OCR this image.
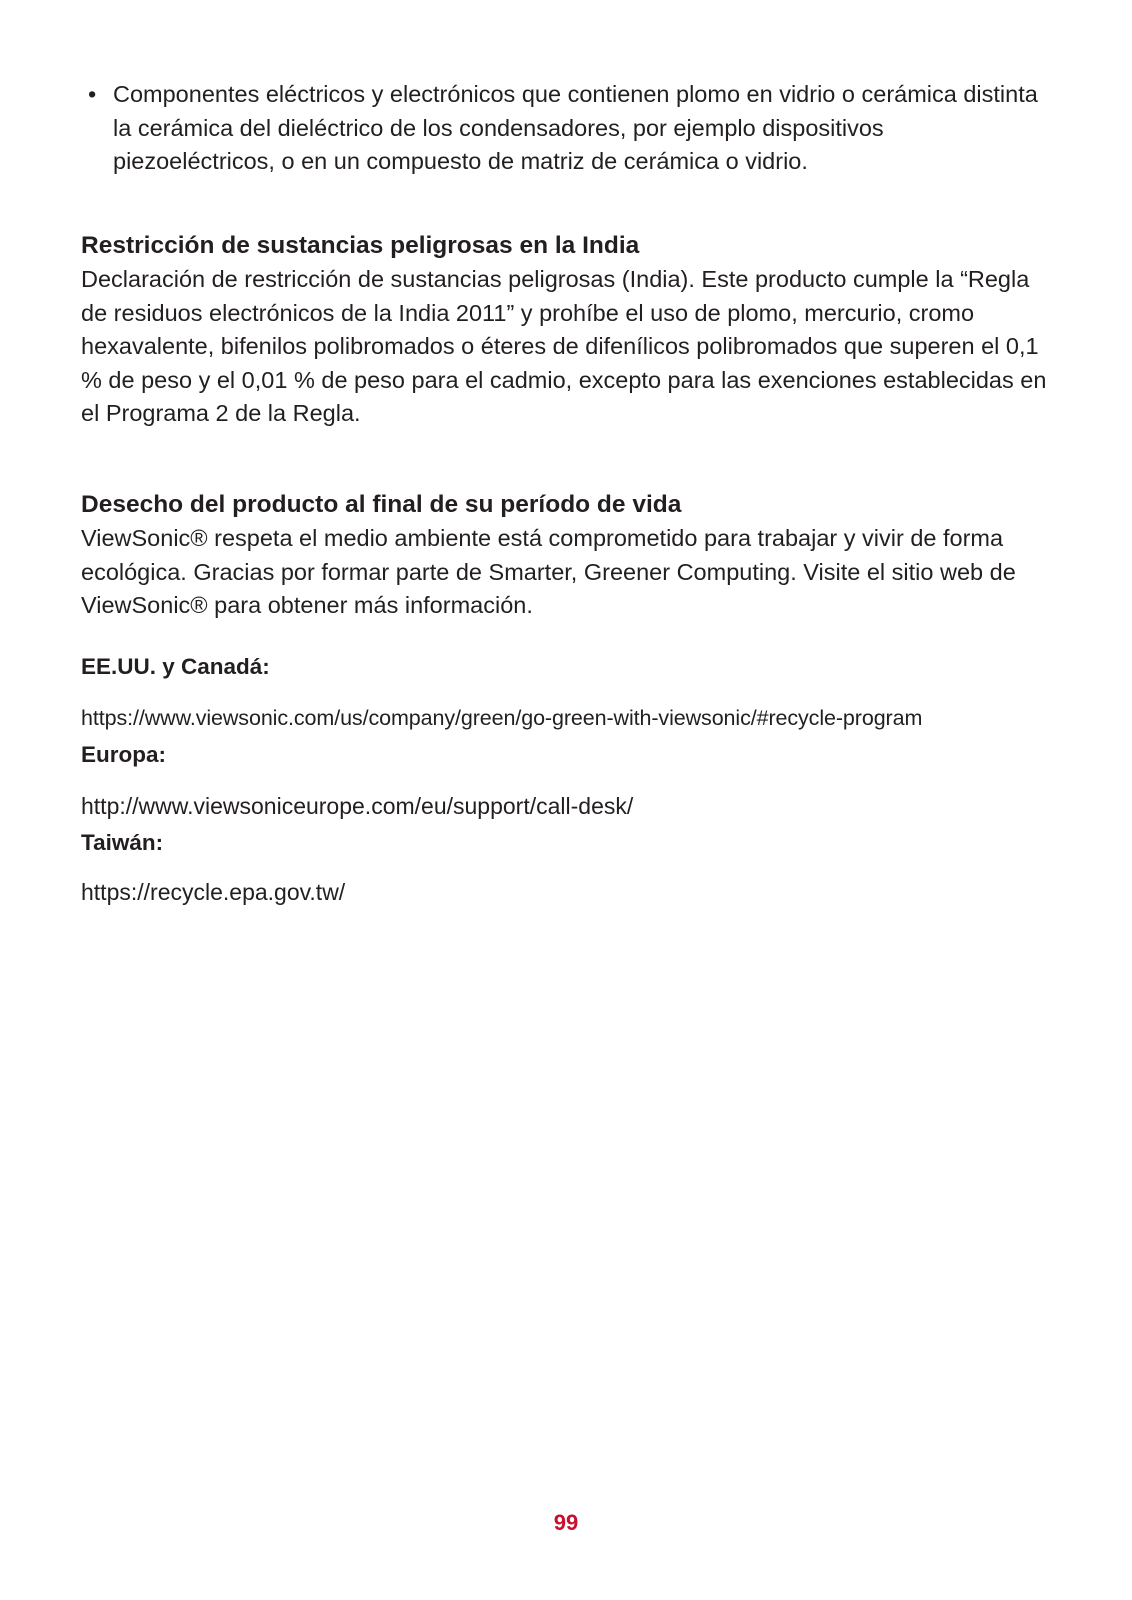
• Componentes eléctricos y electrónicos que contienen plomo en vidrio o cerámica distinta la cerámica del dieléctrico de los condensadores, por ejemplo dispositivos piezoeléctricos, o en un compuesto de matriz de cerámica o vidrio.
Restricción de sustancias peligrosas en la India

Declaración de restricción de sustancias peligrosas (India). Este producto cumple la “Regla de residuos electrónicos de la India 2011” y prohíbe el uso de plomo, mercurio, cromo hexavalente, bifenilos polibromados o éteres de difenílicos polibromados que superen el 0,1 % de peso y el 0,01 % de peso para el cadmio, excepto para las exenciones establecidas en el Programa 2 de la Regla.

Desecho del producto al final de su período de vida

ViewSonic® respeta el medio ambiente está comprometido para trabajar y vivir de forma ecológica. Gracias por formar parte de Smarter, Greener Computing. Visite el sitio web de ViewSonic® para obtener más información.

EE.UU. y Canadá:
https://www.viewsonic.com/us/company/green/go-green-with-viewsonic/#recycle-program
Europa:
http://www.viewsoniceurope.com/eu/support/call-desk/
Taiwán:
https://recycle.epa.gov.tw/
99
